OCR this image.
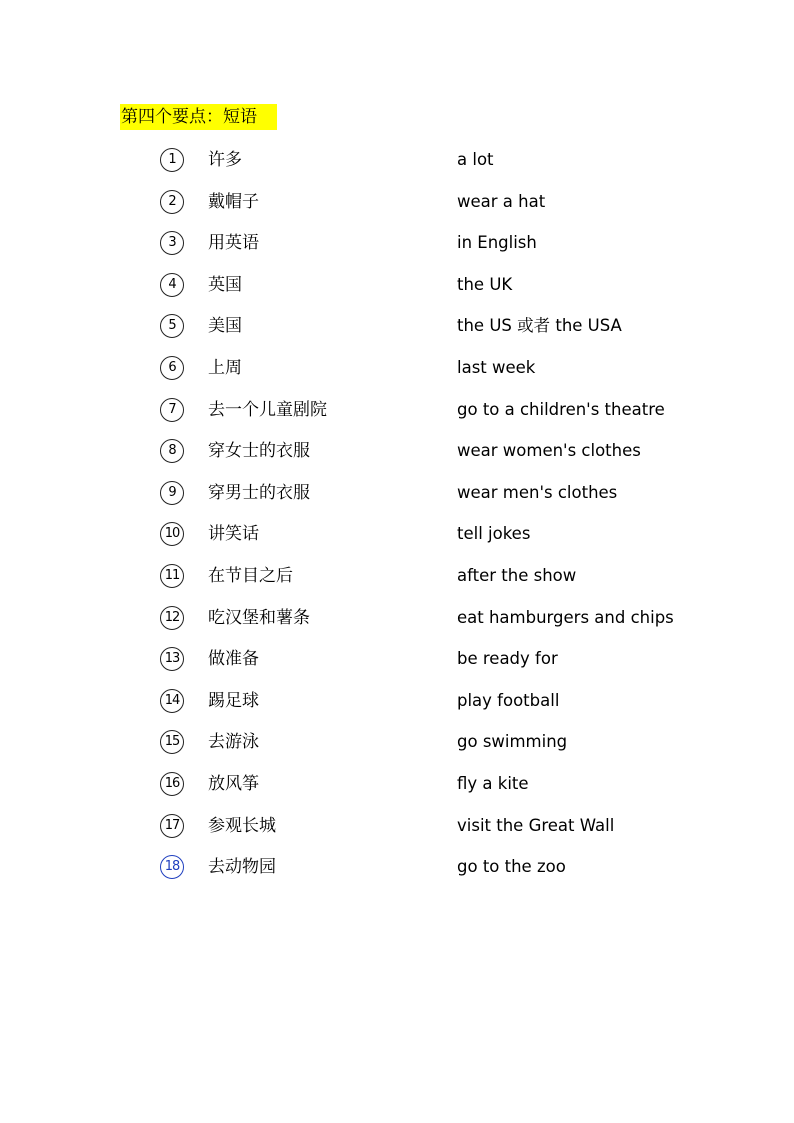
第四个要点：短语
1	许多	a lot
2	戴帽子	wear a hat
3	用英语	in English
4	英国	the UK
5	美国	the US 或者 the USA
6	上周	last week
7	去一个儿童剧院	go to a children's theatre
8	穿女士的衣服	wear women's clothes
9	穿男士的衣服	wear men's clothes
10 讲笑话	tell jokes
11 在节目之后	after the show
12 吃汉堡和薯条	eat hamburgers and chips
13 做准备	be ready for
14 踢足球	play football
15 去游泳	go swimming
16 放风筝	fly a kite
17 参观长城	visit the Great Wall
18 去动物园	go to the zoo
